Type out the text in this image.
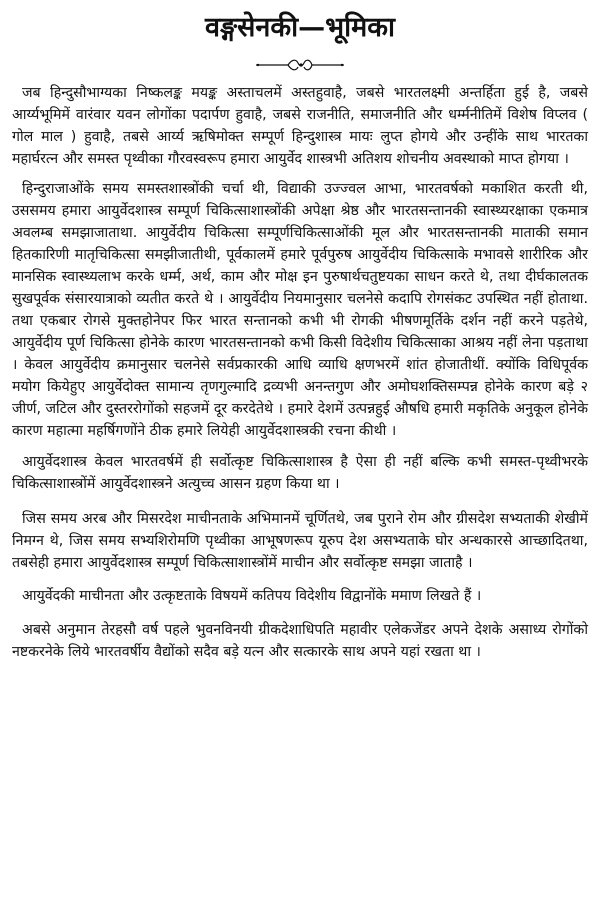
वङ्गसेनकी—भूमिका

जब हिन्दुसौभाग्यका निष्कलङ्क मयङ्क अस्ताचलमें अस्तहुवाहै, जबसे भारतलक्ष्मी अन्तर्हिता हुई है, जबसे आर्य्यभूमिमें वारंवार यवन लोगोंका पदार्पण हुवाहै, जबसे राजनीति, समाजनीति और धर्म्मनीतिमें विशेष विप्लव ( गोल माल ) हुवाहै, तबसे आर्य्य ऋषिमोक्त सम्पूर्ण हिन्दुशास्त्र मायः लुप्त होगये और उन्हींके साथ भारतका महार्घरत्न और समस्त पृथ्वीका गौरवस्वरूप हमारा आयुर्वेद शास्त्रभी अतिशय शोचनीय अवस्थाको माप्त होगया ।

हिन्दुराजाओंके समय समस्तशास्त्रोंकी चर्चा थी, विद्याकी उज्ज्वल आभा, भारतवर्षको मकाशित करती थी, उससमय हमारा आयुर्वेदशास्त्र सम्पूर्ण चिकित्साशास्त्रोंकी अपेक्षा श्रेष्ठ और भारतसन्तानकी स्वास्थ्यरक्षाका एकमात्र अवलम्ब समझाजाताथा. आयुर्वेदीय चिकित्सा सम्पूर्णचिकित्साओंकी मूल और भारतसन्तानकी माताकी समान हितकारिणी मातृचिकित्सा समझीजातीथी, पूर्वकालमें हमारे पूर्वपुरुष आयुर्वेदीय चिकित्साके मभावसे शारीरिक और मानसिक स्वास्थ्यलाभ करके धर्म्म, अर्थ, काम और मोक्ष इन पुरुषार्थचतुष्टयका साधन करते थे, तथा दीर्घकालतक सुखपूर्वक संसारयात्राको व्यतीत करते थे । आयुर्वेदीय नियमानुसार चलनेसे कदापि रोगसंकट उपस्थित नहीं होताथा. तथा एकबार रोगसे मुक्तहोनेपर फिर भारत सन्तानको कभी भी रोगकी भीषणमूर्तिके दर्शन नहीं करने पड़तेथे, आयुर्वेदीय पूर्ण चिकित्सा होनेके कारण भारतसन्तानको कभी किसी विदेशीय चिकित्साका आश्रय नहीं लेना पड़ताथा । केवल आयुर्वेदीय क्रमानुसार चलनेसे सर्वप्रकारकी आधि व्याधि क्षणभरमें शांत होजातीथीं. क्योंकि विधिपूर्वक मयोग कियेहुए आयुर्वेदोक्त सामान्य तृणगुल्मादि द्रव्यभी अनन्तगुण और अमोघशक्तिसम्पन्न होनेके कारण बड़े २ जीर्ण, जटिल और दुस्तररोगोंको सहजमें दूर करदेतेथे । हमारे देशमें उत्पन्नहुई औषधि हमारी मकृतिके अनुकूल होनेके कारण महात्मा महर्षिगणोंने ठीक हमारे लियेही आयुर्वेदशास्त्रकी रचना कीथी ।

आयुर्वेदशास्त्र केवल भारतवर्षमें ही सर्वोत्कृष्ट चिकित्साशास्त्र है ऐसा ही नहीं बल्कि कभी समस्त-पृथ्वीभरके चिकित्साशास्त्रोंमें आयुर्वेदशास्त्रने अत्युच्च आसन ग्रहण किया था ।

जिस समय अरब और मिसरदेश माचीनताके अभिमानमें चूर्णितथे, जब पुराने रोम और ग्रीसदेश सभ्यताकी शेखीमें निमग्न थे, जिस समय सभ्यशिरोमणि पृथ्वीका आभूषणरूप यूरुप देश असभ्यताके घोर अन्धकारसे आच्छादितथा, तबसेही हमारा आयुर्वेदशास्त्र सम्पूर्ण चिकित्साशास्त्रोंमें माचीन और सर्वोत्कृष्ट समझा जाताहै ।

आयुर्वेदकी माचीनता और उत्कृष्टताके विषयमें कतिपय विदेशीय विद्वानोंके ममाण लिखते हैं ।

अबसे अनुमान तेरहसौ वर्ष पहले भुवनविनयी ग्रीकदेशाधिपति महावीर एलेकजेंडर अपने देशके असाध्य रोगोंको नष्टकरनेके लिये भारतवर्षीय वैद्योंको सदैव बड़े यत्न और सत्कारके साथ अपने यहां रखता था ।
